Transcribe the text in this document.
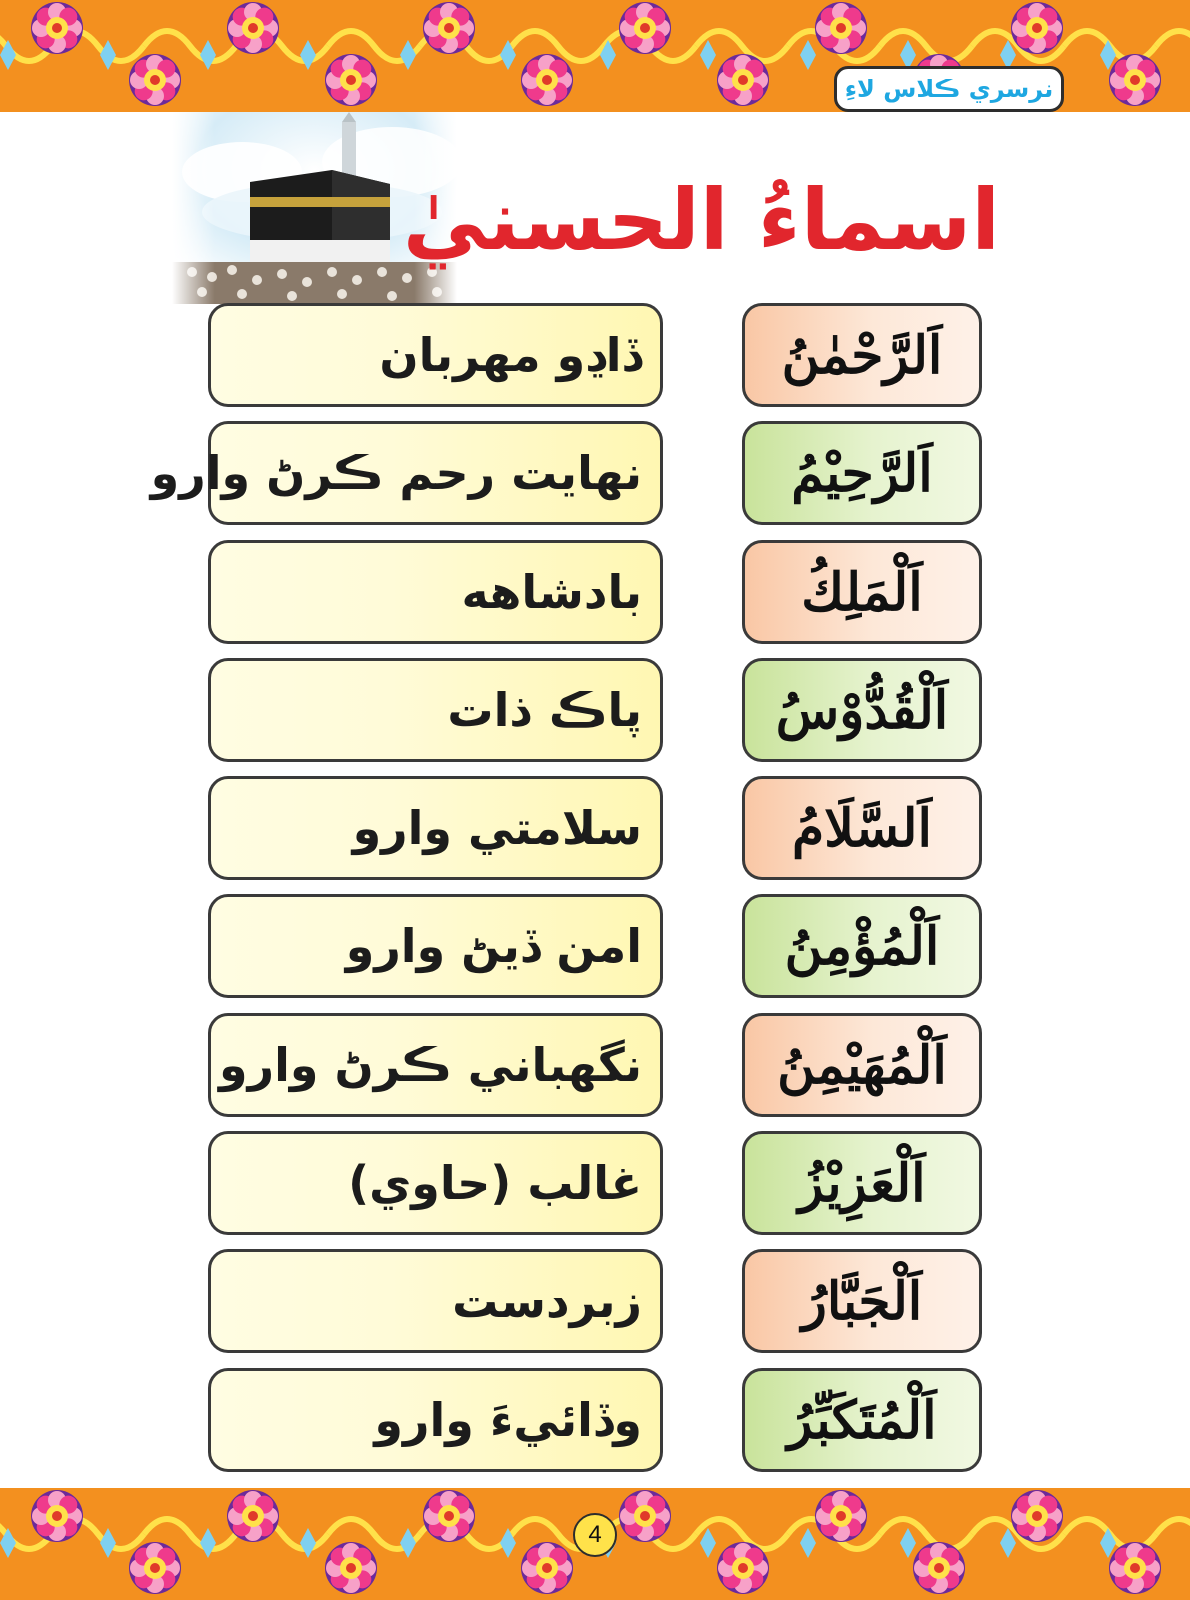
نرسري ڪلاس لاءِ
اسماءُ الحسنيٰ
ڏاڍو مهربان	اَلرَّحْمٰنُ
نهايت رحم ڪرڻ وارو	اَلرَّحِيْمُ
بادشاهه	اَلْمَلِكُ
پاڪ ذات	اَلْقُدُّوْسُ
سلامتي وارو	اَلسَّلَامُ
امن ڏيڻ وارو	اَلْمُؤْمِنُ
نگهباني ڪرڻ وارو	اَلْمُهَيْمِنُ
غالب (حاوي)	اَلْعَزِيْزُ
زبردست	اَلْجَبَّارُ
وڏائيءَ وارو	اَلْمُتَكَبِّرُ
4
